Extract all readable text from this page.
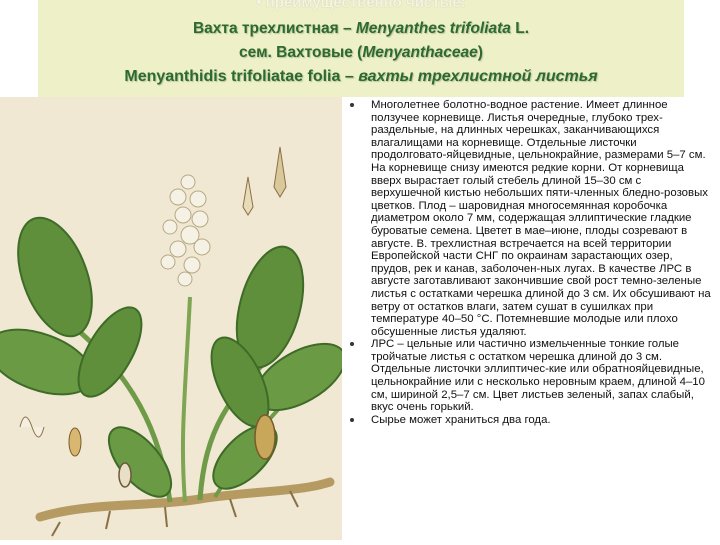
• преимущественно чистые:
Вахта трехлистная – Menyanthes trifoliata L.
сем. Вахтовые (Menyanthaceae)
Menyanthidis trifoliatae folia – вахты трехлистной листья
Многолетнее болотно-водное растение. Имеет длинное ползучее корневище. Листья очередные, глубоко трех-раздельные, на длинных черешках, заканчивающихся влагалищами на корневище. Отдельные листочки продолговато-яйцевидные, цельнокрайние, размерами 5–7 см. На корневище снизу имеются редкие корни. От корневища вверх вырастает голый стебель длиной 15–30 см с верхушечной кистью небольших пяти-членных бледно-розовых цветков. Плод – шаровидная многосемянная коробочка диаметром около 7 мм, содержащая эллиптические гладкие буроватые семена. Цветет в мае–июне, плоды созревают в августе. В. трехлистная встречается на всей территории Европейской части СНГ по окраинам зарастающих озер, прудов, рек и канав, заболочен-ных лугах. В качестве ЛРС в августе заготавливают закончившие свой рост темно-зеленые листья с остатками черешка длиной до 3 см. Их обсушивают на ветру от остатков влаги, затем сушат в сушилках при температуре 40–50 °С. Потемневшие молодые или плохо обсушенные листья удаляют.
ЛРС – цельные или частично измельченные тонкие голые тройчатые листья с остатком черешка длиной до 3 см. Отдельные листочки эллиптичес-кие или обратнояйцевидные, цельнокрайние или с несколько неровным краем, длиной 4–10 см, шириной 2,5–7 см. Цвет листьев зеленый, запах слабый, вкус очень горький.
Сырье может храниться два года.
